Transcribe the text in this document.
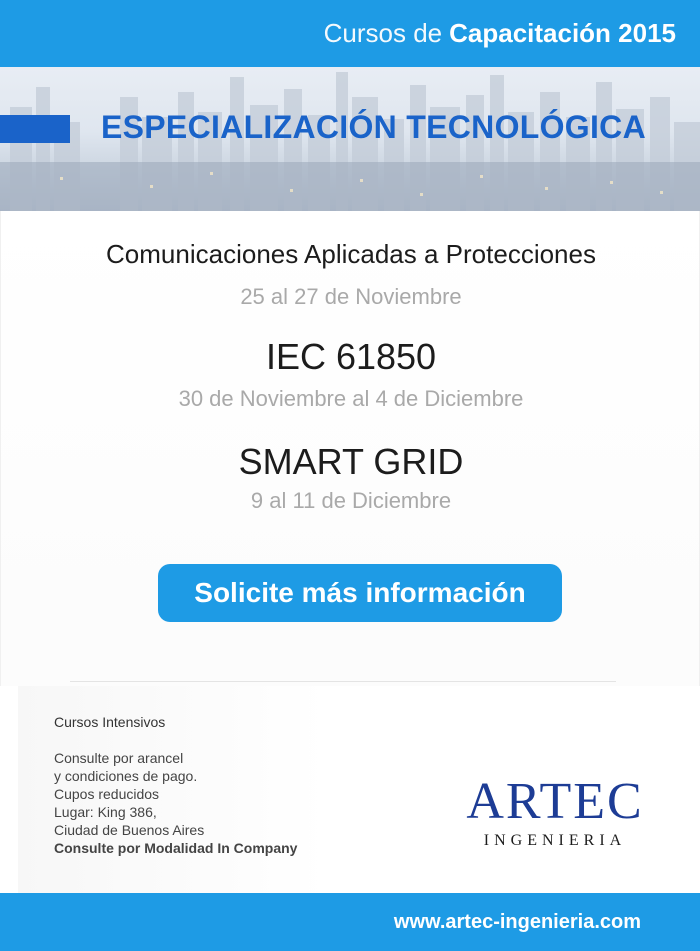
Cursos de Capacitación 2015
ESPECIALIZACIÓN TECNOLÓGICA
Comunicaciones Aplicadas a Protecciones
25 al 27 de Noviembre
IEC 61850
30 de Noviembre al 4 de Diciembre
SMART GRID
9 al 11 de Diciembre
Solicite más información
Cursos Intensivos
Consulte por arancel
y condiciones de pago.
Cupos reducidos
Lugar: King 386,
Ciudad de Buenos Aires
Consulte por Modalidad In Company
ARTEC
INGENIERIA
www.artec-ingenieria.com
